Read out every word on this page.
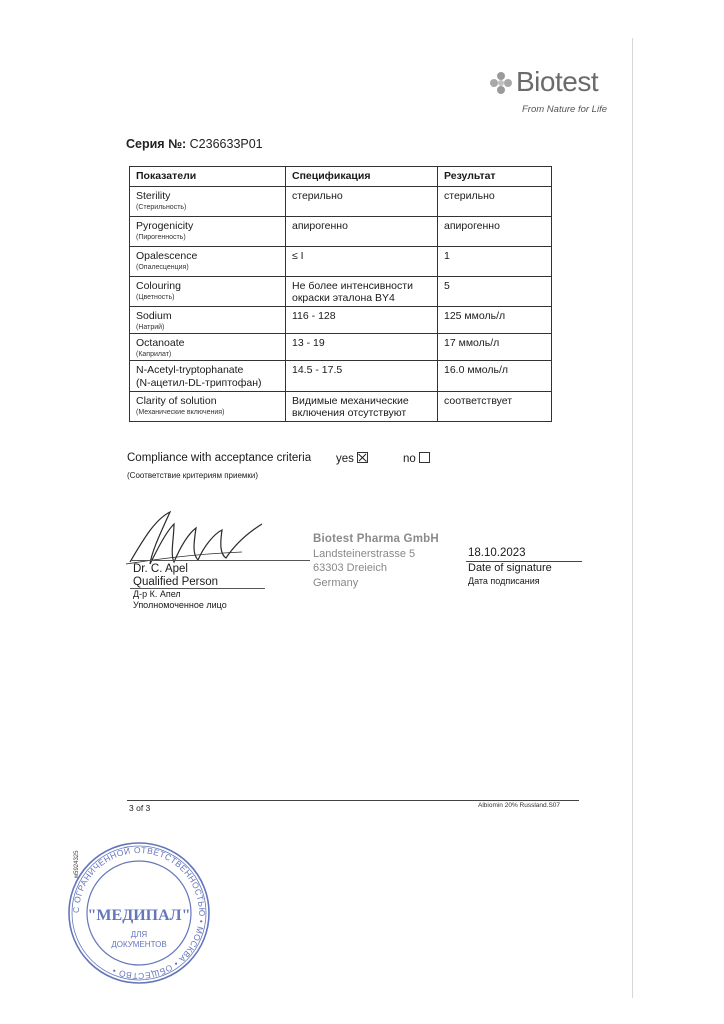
Biotest
From Nature for Life
Серия №: C236633P01
Показатели	Спецификация	Результат
Sterility
(Стерильность)	стерильно	стерильно
Pyrogenicity
(Пирогенность)	апирогенно	апирогенно
Opalescence
(Опалесценция)	≤ I	1
Colouring
(Цветность)	Не более интенсивности окраски эталона BY4	5
Sodium
(Натрий)	116 - 128	125 ммоль/л
Octanoate
(Каприлат)	13 - 19	17 ммоль/л
N-Acetyl-tryptophanate
(N-ацетил-DL-триптофан)	14.5 - 17.5	16.0 ммоль/л
Clarity of solution
(Механические включения)	Видимые механические включения отсутствуют	соответствует
Compliance with acceptance criteria
(Соответствие критериям приемки)
yes	no
Dr. C. Apel
Qualified Person
Д-р К. Апел
Уполномоченное лицо
Biotest Pharma GmbH
Landsteinerstrasse 5
63303 Dreieich
Germany
18.10.2023
Date of signature
Дата подписания
3 of 3	Albiomin 20% Russland.S07
ᴍ5924325
С ОГРАНИЧЕННОЙ ОТВЕТСТВЕННОСТЬЮ • МОСКВА • ОБЩЕСТВО •
"МЕДИПАЛ"
ДЛЯ
ДОКУМЕНТОВ
